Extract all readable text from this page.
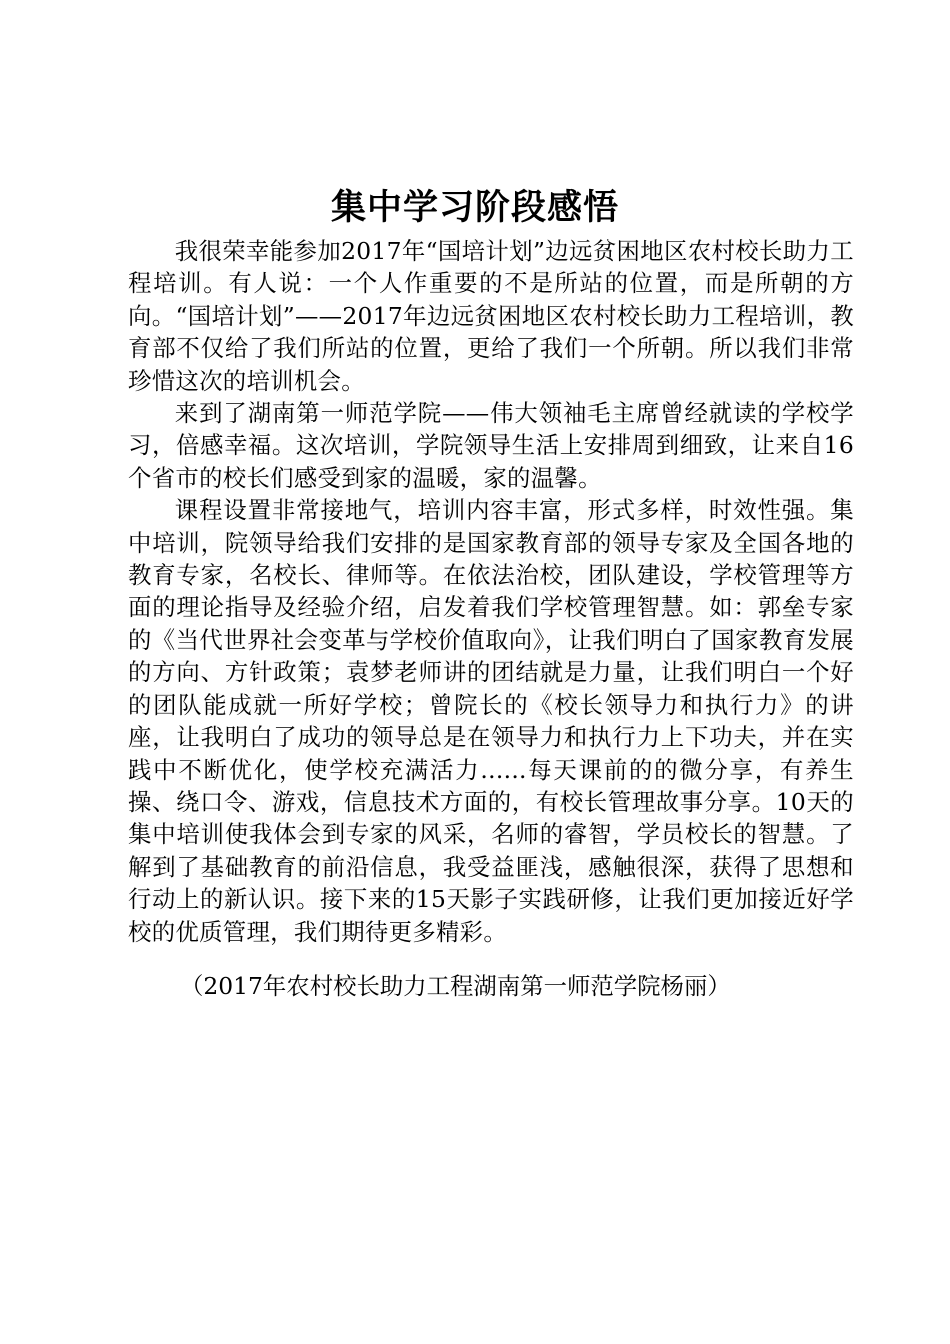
集中学习阶段感悟

我很荣幸能参加2017年“国培计划”边远贫困地区农村校长助力工程培训。有人说：一个人作重要的不是所站的位置，而是所朝的方向。“国培计划”——2017年边远贫困地区农村校长助力工程培训，教育部不仅给了我们所站的位置，更给了我们一个所朝。所以我们非常珍惜这次的培训机会。

来到了湖南第一师范学院——伟大领袖毛主席曾经就读的学校学习，倍感幸福。这次培训，学院领导生活上安排周到细致，让来自16个省市的校长们感受到家的温暖，家的温馨。

课程设置非常接地气，培训内容丰富，形式多样，时效性强。集中培训，院领导给我们安排的是国家教育部的领导专家及全国各地的教育专家，名校长、律师等。在依法治校，团队建设，学校管理等方面的理论指导及经验介绍，启发着我们学校管理智慧。如：郭垒专家的《当代世界社会变革与学校价值取向》，让我们明白了国家教育发展的方向、方针政策；袁梦老师讲的团结就是力量，让我们明白一个好的团队能成就一所好学校；曾院长的《校长领导力和执行力》的讲座，让我明白了成功的领导总是在领导力和执行力上下功夫，并在实践中不断优化，使学校充满活力......每天课前的的微分享，有养生操、绕口令、游戏，信息技术方面的，有校长管理故事分享。10天的集中培训使我体会到专家的风采，名师的睿智，学员校长的智慧。了解到了基础教育的前沿信息，我受益匪浅，感触很深，获得了思想和行动上的新认识。接下来的15天影子实践研修，让我们更加接近好学校的优质管理，我们期待更多精彩。

（2017年农村校长助力工程湖南第一师范学院杨丽）
